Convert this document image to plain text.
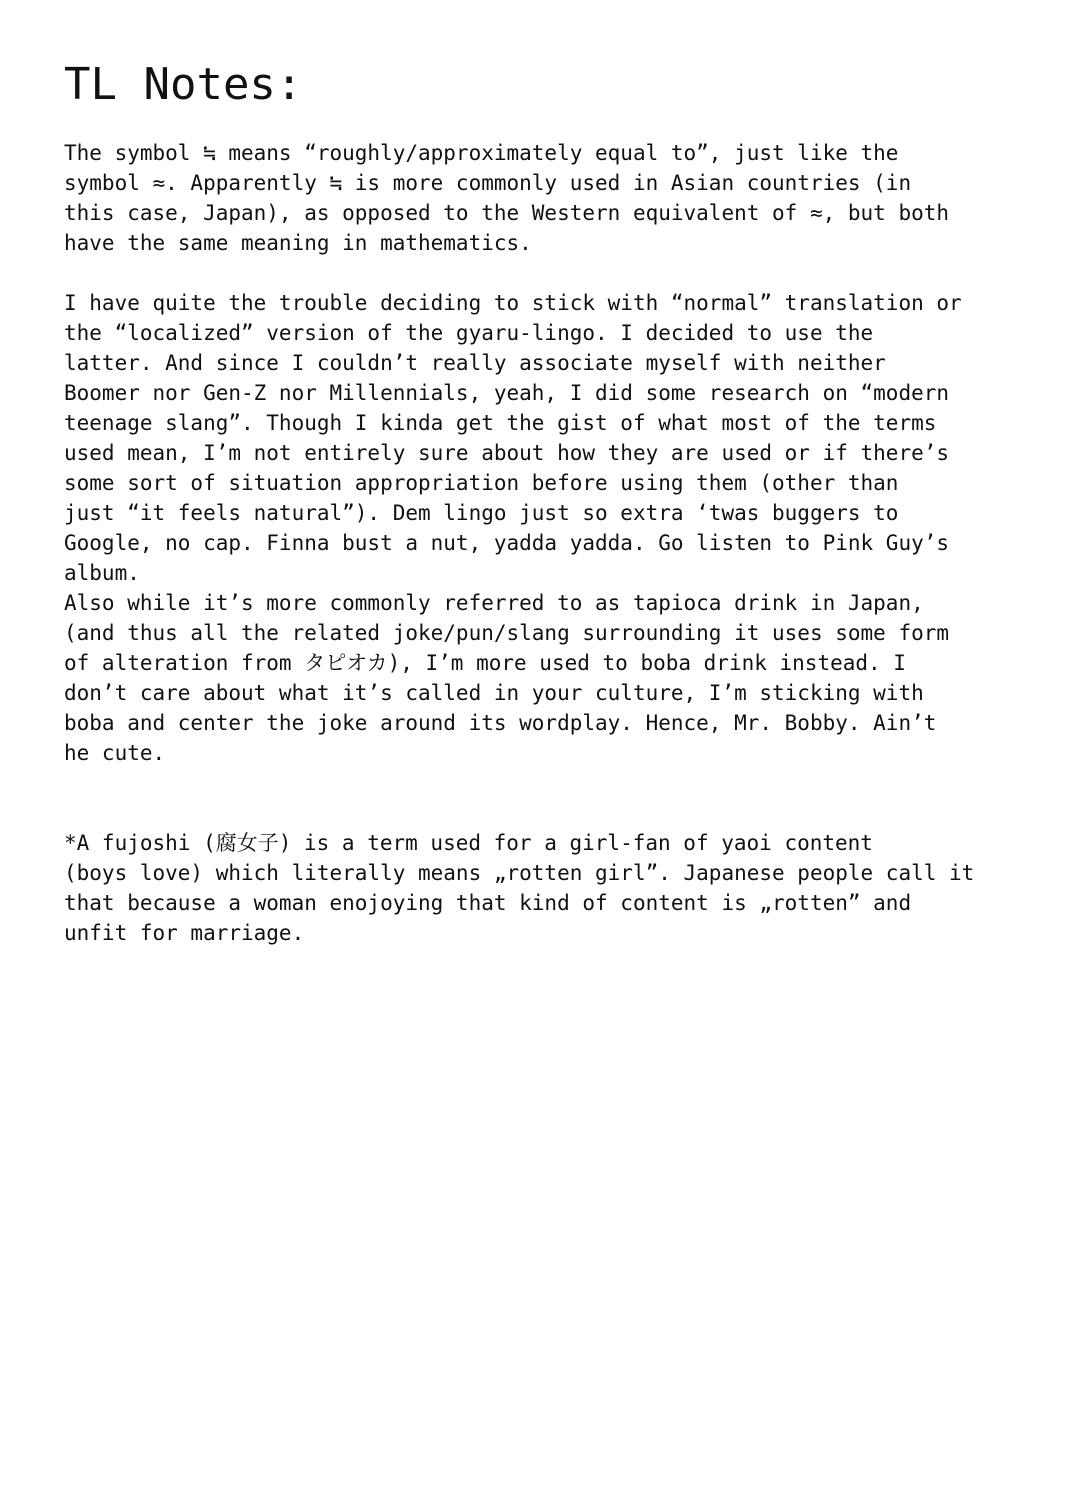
TL Notes:

The symbol ≒ means “roughly/approximately equal to”, just like the
symbol ≈. Apparently ≒ is more commonly used in Asian countries (in
this case, Japan), as opposed to the Western equivalent of ≈, but both
have the same meaning in mathematics.

I have quite the trouble deciding to stick with “normal” translation or
the “localized” version of the gyaru-lingo. I decided to use the
latter. And since I couldn’t really associate myself with neither
Boomer nor Gen-Z nor Millennials, yeah, I did some research on “modern
teenage slang”. Though I kinda get the gist of what most of the terms
used mean, I’m not entirely sure about how they are used or if there’s
some sort of situation appropriation before using them (other than
just “it feels natural”). Dem lingo just so extra ‘twas buggers to
Google, no cap. Finna bust a nut, yadda yadda. Go listen to Pink Guy’s
album.
Also while it’s more commonly referred to as tapioca drink in Japan,
(and thus all the related joke/pun/slang surrounding it uses some form
of alteration from タピオカ), I’m more used to boba drink instead. I
don’t care about what it’s called in your culture, I’m sticking with
boba and center the joke around its wordplay. Hence, Mr. Bobby. Ain’t
he cute.

*A fujoshi (腐女子) is a term used for a girl-fan of yaoi content
(boys love) which literally means „rotten girl”. Japanese people call it
that because a woman enojoying that kind of content is „rotten” and
unfit for marriage.
